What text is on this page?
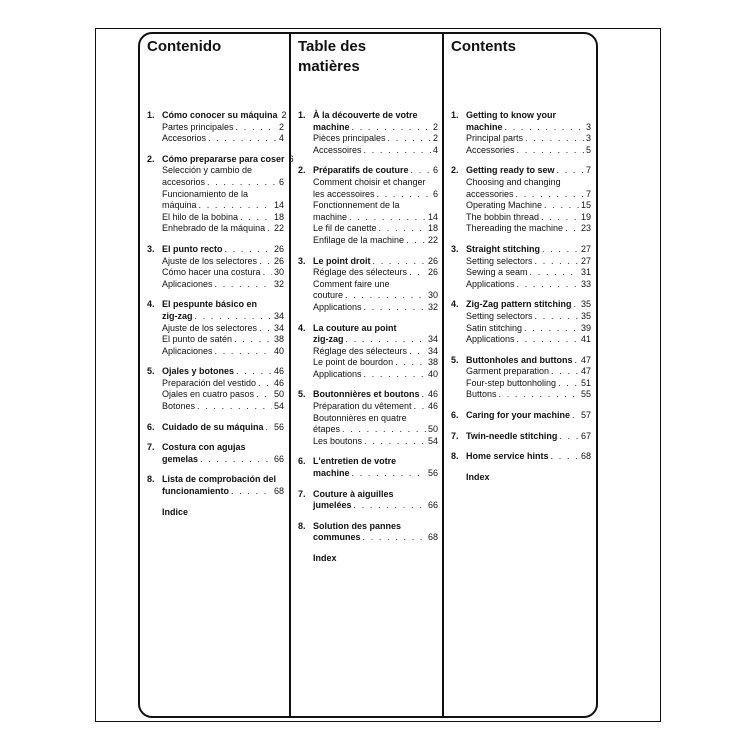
Contenido
1. Cómo conocer su máquina 2
Partes principales . . .	2
Accesorios . . .	4
2. Cómo prepararse para coser 6
Selección y cambio de
accesorios . . .	6
Funcionamiento de la
máquina . . .	14
El hilo de la bobina . . .	18
Enhebrado de la máquina . . . 22
3. El punto recto . . .	26
Ajuste de los selectores . . . 26
Cómo hacer una costura . . . 30
Aplicaciones . . .	32
4. El pespunte básico en
zig-zag . . .	34
Ajuste de los selectores . . . 34
El punto de satén . . .	38
Aplicaciones . . .	40
5. Ojales y botones . . .	46
Preparación del vestido . . . 46
Ojales en cuatro pasos . . . 50
Botones . . .	54
6. Cuidado de su máquina . . . 56
7. Costura con agujas
gemelas . . .	66
8. Lista de comprobación del
funcionamiento . . .	68
Indice
Table des
matières
1. À la découverte de votre
machine . . .	2
Pièces principales . . .	2
Accessoires . . .	4
2. Préparatifs de couture . . .	6
Comment choisir et changer
les accessoires . . .	6
Fonctionnement de la
machine . . .	14
Le fil de canette . . .	18
Enfilage de la machine . . .	22
3. Le point droit . . .	26
Réglage des sélecteurs . . . 26
Comment faire une
couture . . .	30
Applications . . .	32
4. La couture au point
zig-zag . . .	34
Réglage des sélecteurs . . . 34
Le point de bourdon . . .	38
Applications . . .	40
5. Boutonnières et boutons . . . 46
Préparation du vêtement . . . 46
Boutonnières en quatre
étapes . . .	50
Les boutons . . .	54
6. L'entretien de votre
machine . . .	56
7. Couture à aiguilles
jumelées . . .	66
8. Solution des pannes
communes . . .	68
Index
Contents
1. Getting to know your
machine . . .	3
Principal parts . . .	3
Accessories . . .	5
2. Getting ready to sew . . .	7
Choosing and changing
accessories . . .	7
Operating Machine . . .	15
The bobbin thread . . .	19
Thereading the machine . . . 23
3. Straight stitching . . .	27
Setting selectors . . .	27
Sewing a seam . . .	31
Applications . . .	33
4. Zig-Zag pattern stitching . . . 35
Setting selectors . . .	35
Satin stitching . . .	39
Applications . . .	41
5. Buttonholes and buttons . . . 47
Garment preparation . . .	47
Four-step buttonholing . . .	51
Buttons . . .	55
6. Caring for your machine . . . 57
7. Twin-needle stitching . . .	67
8. Home service hints . . .	68
Index
